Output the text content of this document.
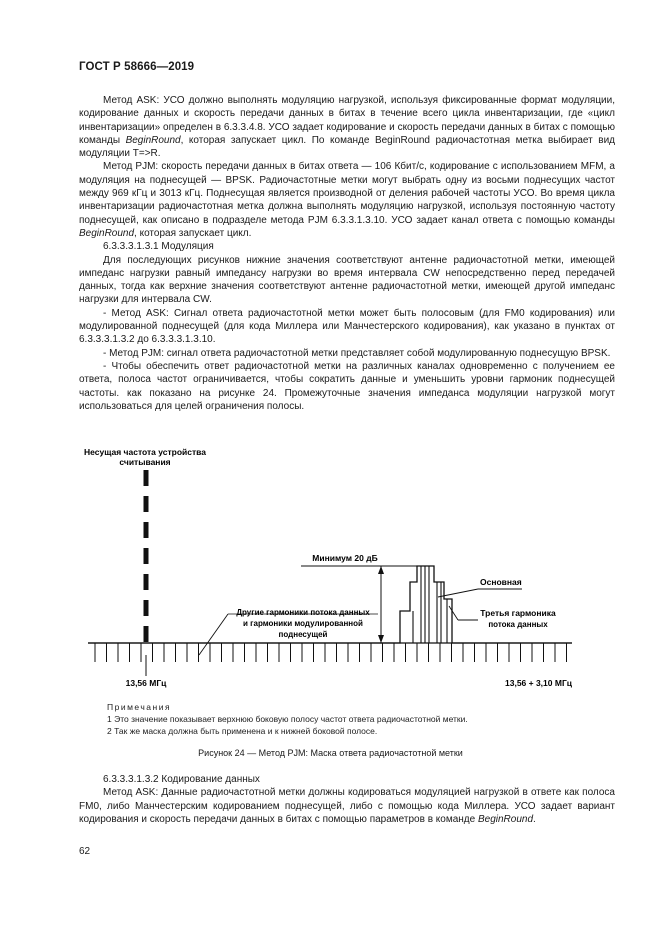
ГОСТ Р 58666—2019

Метод ASK: УСО должно выполнять модуляцию нагрузкой, используя фиксированные формат модуляции, кодирование данных и скорость передачи данных в битах в течение всего цикла инвентаризации, где «цикл инвентаризации» определен в 6.3.3.4.8. УСО задает кодирование и скорость передачи данных в битах с помощью команды BeginRound, которая запускает цикл. По команде BeginRound радиочастотная метка выбирает вид модуляции T=>R.

Метод PJM: скорость передачи данных в битах ответа — 106 Кбит/с, кодирование с использованием MFM, а модуляция на поднесущей — BPSK. Радиочастотные метки могут выбрать одну из восьми поднесущих частот между 969 кГц и 3013 кГц. Поднесущая является производной от деления рабочей частоты УСО. Во время цикла инвентаризации радиочастотная метка должна выполнять модуляцию нагрузкой, используя постоянную частоту поднесущей, как описано в подразделе метода PJM 6.3.3.1.3.10. УСО задает канал ответа с помощью команды BeginRound, которая запускает цикл.

6.3.3.3.1.3.1 Модуляция

Для последующих рисунков нижние значения соответствуют антенне радиочастотной метки, имеющей импеданс нагрузки равный импедансу нагрузки во время интервала CW непосредственно перед передачей данных, тогда как верхние значения соответствуют антенне радиочастотной метки, имеющей другой импеданс нагрузки для интервала CW.

- Метод ASK: Сигнал ответа радиочастотной метки может быть полосовым (для FM0 кодирования) или модулированной поднесущей (для кода Миллера или Манчестерского кодирования), как указано в пунктах от 6.3.3.3.1.3.2 до 6.3.3.3.1.3.10.

- Метод PJM: сигнал ответа радиочастотной метки представляет собой модулированную поднесущую BPSK.

- Чтобы обеспечить ответ радиочастотной метки на различных каналах одновременно с получением ее ответа, полоса частот ограничивается, чтобы сократить данные и уменьшить уровни гармоник поднесущей частоты. как показано на рисунке 24. Промежуточные значения импеданса модуляции нагрузкой могут использоваться для целей ограничения полосы.

Несущая частота устройства
считывания
Минимум 20 дБ
Основная
Третья гармоника
потока данных
Другие гармоники потока данных
и гармоники модулированной
поднесущей
13,56 МГц	13,56 + 3,10 МГц
Примечания
1 Это значение показывает верхнюю боковую полосу частот ответа радиочастотной метки.
2 Так же маска должна быть применена и к нижней боковой полосе.
Рисунок 24 — Метод PJM: Маска ответа радиочастотной метки

6.3.3.3.1.3.2 Кодирование данных

Метод ASK: Данные радиочастотной метки должны кодироваться модуляцией нагрузкой в ответе как полоса FM0, либо Манчестерским кодированием поднесущей, либо с помощью кода Миллера. УСО задает вариант кодирования и скорость передачи данных в битах с помощью параметров в команде BeginRound.

62
